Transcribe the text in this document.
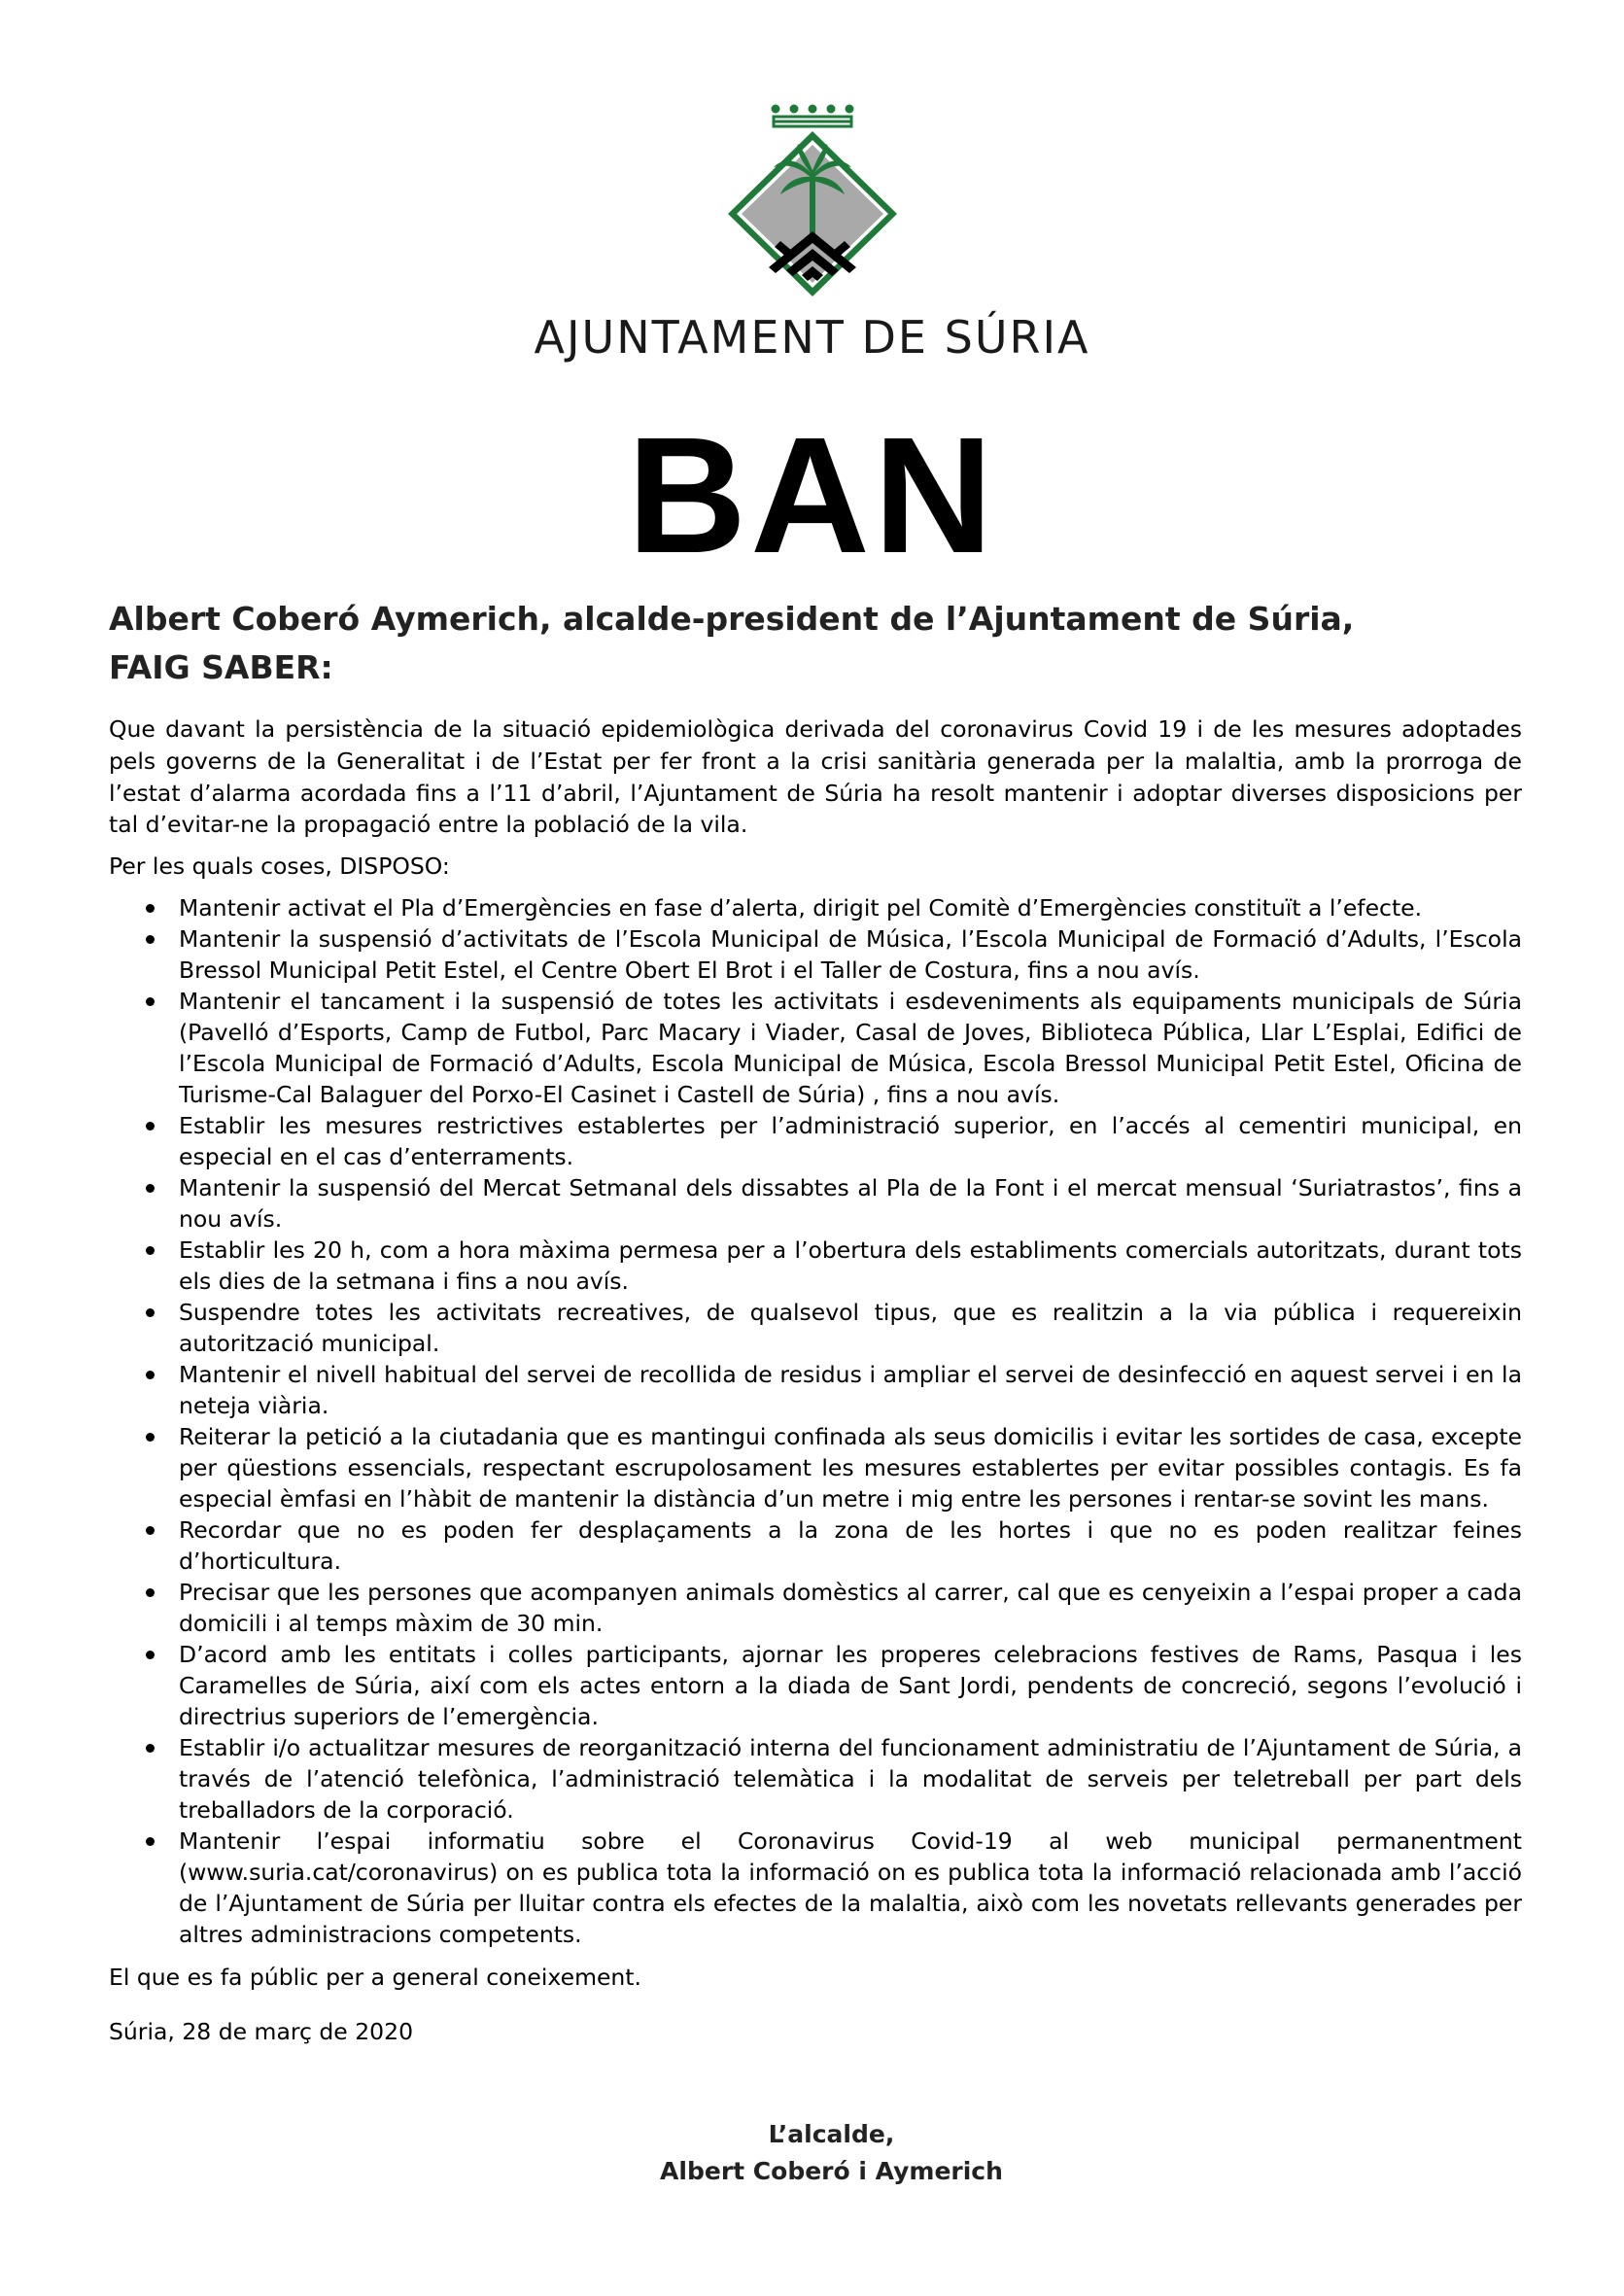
AJUNTAMENT DE SÚRIA
BAN
Albert Coberó Aymerich, alcalde-president de l’Ajuntament de Súria,
FAIG SABER:

Que davant la persistència de la situació epidemiològica derivada del coronavirus Covid 19 i de les mesures adoptades pels governs de la Generalitat i de l’Estat per fer front a la crisi sanitària generada per la malaltia, amb la prorroga de l’estat d’alarma acordada fins a l’11 d’abril, l’Ajuntament de Súria ha resolt mantenir i adoptar diverses disposicions per tal d’evitar-ne la propagació entre la població de la vila.

Per les quals coses, DISPOSO:
Mantenir activat el Pla d’Emergències en fase d’alerta, dirigit pel Comitè d’Emergències constituït a l’efecte.
Mantenir la suspensió d’activitats de l’Escola Municipal de Música, l’Escola Municipal de Formació d’Adults, l’Escola Bressol Municipal Petit Estel, el Centre Obert El Brot i el Taller de Costura, fins a nou avís.
Mantenir el tancament i la suspensió de totes les activitats i esdeveniments als equipaments municipals de Súria (Pavelló d’Esports, Camp de Futbol, Parc Macary i Viader, Casal de Joves, Biblioteca Pública, Llar L’Esplai, Edifici de l’Escola Municipal de Formació d’Adults, Escola Municipal de Música, Escola Bressol Municipal Petit Estel, Oficina de Turisme-Cal Balaguer del Porxo-El Casinet i Castell de Súria) , fins a nou avís.
Establir les mesures restrictives establertes per l’administració superior, en l’accés al cementiri municipal, en especial en el cas d’enterraments.
Mantenir la suspensió del Mercat Setmanal dels dissabtes al Pla de la Font i el mercat mensual ‘Suriatrastos’, fins a nou avís.
Establir les 20 h, com a hora màxima permesa per a l’obertura dels establiments comercials autoritzats, durant tots els dies de la setmana i fins a nou avís.
Suspendre totes les activitats recreatives, de qualsevol tipus, que es realitzin a la via pública i requereixin autorització municipal.
Mantenir el nivell habitual del servei de recollida de residus i ampliar el servei de desinfecció en aquest servei i en la neteja viària.
Reiterar la petició a la ciutadania que es mantingui confinada als seus domicilis i evitar les sortides de casa, excepte per qüestions essencials, respectant escrupolosament les mesures establertes per evitar possibles contagis. Es fa especial èmfasi en l’hàbit de mantenir la distància d’un metre i mig entre les persones i rentar-se sovint les mans.
Recordar que no es poden fer desplaçaments a la zona de les hortes i que no es poden realitzar feines d’horticultura.
Precisar que les persones que acompanyen animals domèstics al carrer, cal que es cenyeixin a l’espai proper a cada domicili i al temps màxim de 30 min.
D’acord amb les entitats i colles participants, ajornar les properes celebracions festives de Rams, Pasqua i les Caramelles de Súria, així com els actes entorn a la diada de Sant Jordi, pendents de concreció, segons l’evolució i directrius superiors de l’emergència.
Establir i/o actualitzar mesures de reorganització interna del funcionament administratiu de l’Ajuntament de Súria, a través de l’atenció telefònica, l’administració telemàtica i la modalitat de serveis per teletreball per part dels treballadors de la corporació.
Mantenir l’espai informatiu sobre el Coronavirus Covid-19 al web municipal permanentment (www.suria.cat/coronavirus) on es publica tota la informació on es publica tota la informació relacionada amb l’acció de l’Ajuntament de Súria per lluitar contra els efectes de la malaltia, això com les novetats rellevants generades per altres administracions competents.
El que es fa públic per a general coneixement.
Súria, 28 de març de 2020
L’alcalde,
Albert Coberó i Aymerich
